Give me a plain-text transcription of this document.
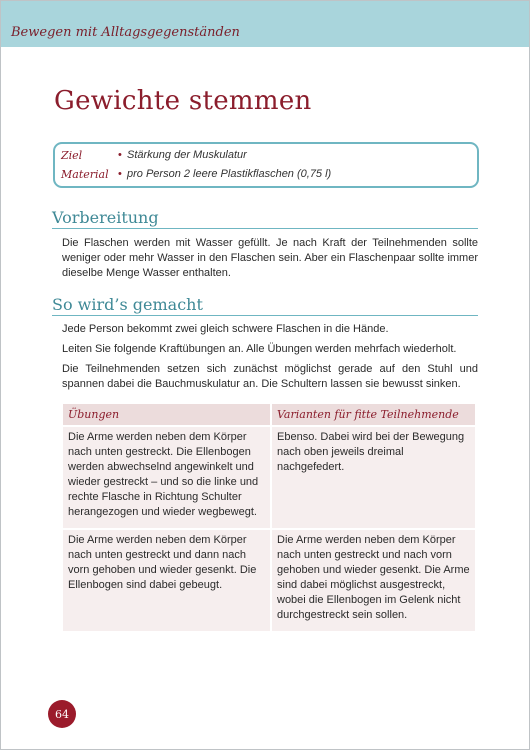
Bewegen mit Alltagsgegenständen
Gewichte stemmen
Ziel	• Stärkung der Muskulatur
Material • pro Person 2 leere Plastikflaschen (0,75 l)
Vorbereitung
Die Flaschen werden mit Wasser gefüllt. Je nach Kraft der Teilnehmenden sollte weniger oder mehr Wasser in den Flaschen sein. Aber ein Flaschenpaar sollte immer dieselbe Menge Wasser enthalten.
So wird’s gemacht
Jede Person bekommt zwei gleich schwere Flaschen in die Hände.
Leiten Sie folgende Kraftübungen an. Alle Übungen werden mehrfach wiederholt.
Die Teilnehmenden setzen sich zunächst möglichst gerade auf den Stuhl und spannen dabei die Bauchmuskulatur an. Die Schultern lassen sie bewusst sinken.
Übungen	Varianten für fitte Teilnehmende
Die Arme werden neben dem Körper nach unten gestreckt. Die Ellenbogen werden abwechselnd angewinkelt und wieder gestreckt – und so die linke und rechte Flasche in Richtung Schulter herangezogen und wieder wegbewegt.	Ebenso. Dabei wird bei der Bewegung nach oben jeweils dreimal nachgefedert.
Die Arme werden neben dem Körper nach unten gestreckt und dann nach vorn gehoben und wieder gesenkt. Die Ellenbogen sind dabei gebeugt.	Die Arme werden neben dem Körper nach unten gestreckt und nach vorn gehoben und wieder gesenkt. Die Arme sind dabei möglichst ausgestreckt, wobei die Ellenbogen im Gelenk nicht durchgestreckt sein sollen.
64
